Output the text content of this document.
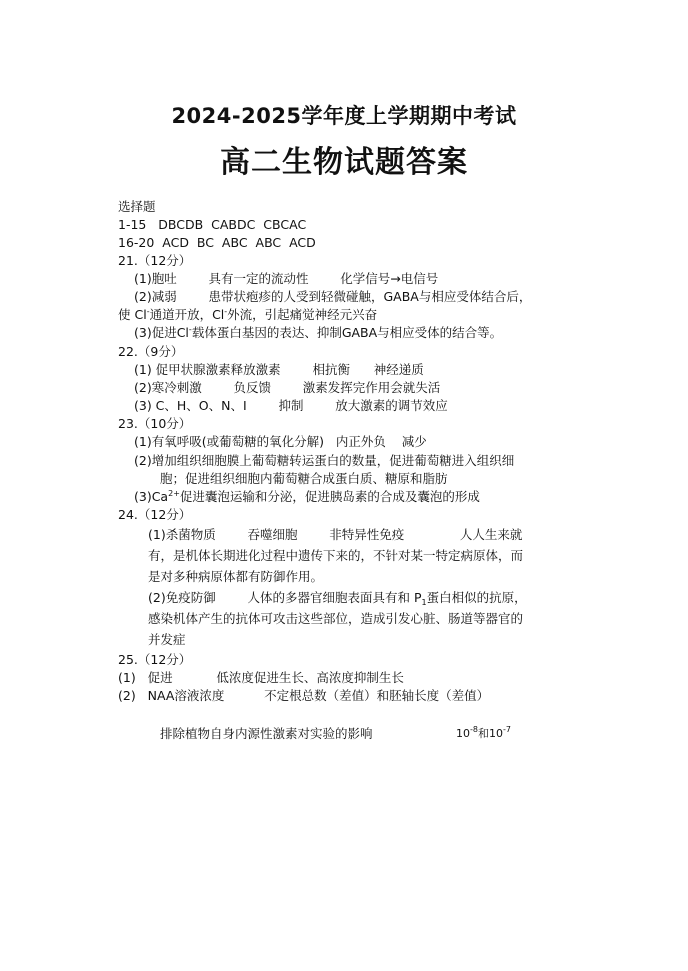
2024-2025学年度上学期期中考试
高二生物试题答案
选择题
1-15   DBCDB  CABDC  CBCAC
16-20  ACD  BC  ABC  ABC  ACD
21.（12分）
(1)胞吐        具有一定的流动性        化学信号→电信号
(2)减弱        患带状疱疹的人受到轻微碰触，GABA与相应受体结合后，
使 Cl-通道开放，Cl-外流，引起痛觉神经元兴奋
(3)促进Cl-载体蛋白基因的表达、抑制GABA与相应受体的结合等。
22.（9分）
(1) 促甲状腺激素释放激素        相抗衡      神经递质
(2)寒冷刺激        负反馈        激素发挥完作用会就失活
(3) C、H、O、N、I        抑制        放大激素的调节效应
23.（10分）
(1)有氧呼吸(或葡萄糖的氧化分解)   内正外负    减少
(2)增加组织细胞膜上葡萄糖转运蛋白的数量，促进葡萄糖进入组织细
胞；促进组织细胞内葡萄糖合成蛋白质、糖原和脂肪
$(3)Ca^{2+}$促进囊泡运输和分泌，促进胰岛素的合成及囊泡的形成
24.（12分）
(1)杀菌物质        吞噬细胞        非特异性免疫              人人生来就
有，是机体长期进化过程中遗传下来的，不针对某一特定病原体，而
是对多种病原体都有防御作用。
(2)免疫防御        人体的多器官细胞表面具有和 $P_1$蛋白相似的抗原，
感染机体产生的抗体可攻击这些部位，造成引发心脏、肠道等器官的
并发症
25.（12分）
(1)   促进           低浓度促进生长、高浓度抑制生长
(2)   NAA溶液浓度          不定根总数（差值）和胚轴长度（差值）
排除植物自身内源性激素对实验的影响	$10^{-8}$和$10^{-7}$
